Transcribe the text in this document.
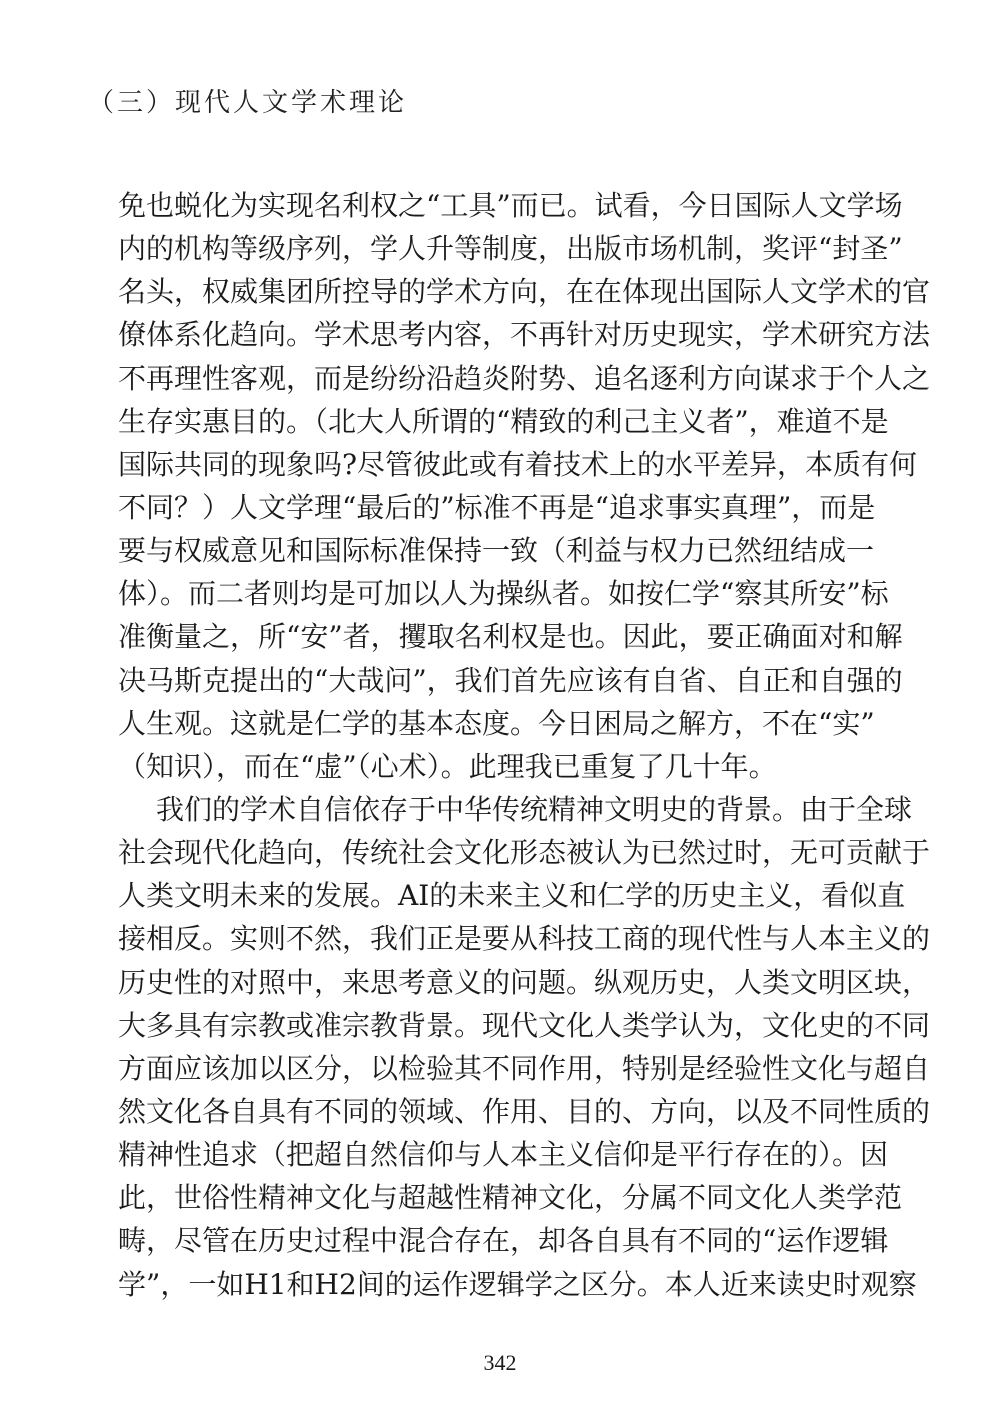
（三）现代人文学术理论
免也蜕化为实现名利权之“工具”而已。试看，今日国际人文学场
内的机构等级序列，学人升等制度，出版市场机制，奖评“封圣”
名头，权威集团所控导的学术方向，在在体现出国际人文学术的官
僚体系化趋向。学术思考内容，不再针对历史现实，学术研究方法
不再理性客观，而是纷纷沿趋炎附势、追名逐利方向谋求于个人之
生存实惠目的。（北大人所谓的“精致的利己主义者”，难道不是
国际共同的现象吗?尽管彼此或有着技术上的水平差异，本质有何
不同？）人文学理“最后的”标准不再是“追求事实真理”，而是
要与权威意见和国际标准保持一致（利益与权力已然纽结成一
体）。而二者则均是可加以人为操纵者。如按仁学“察其所安”标
准衡量之，所“安”者，攫取名利权是也。因此，要正确面对和解
决马斯克提出的“大哉问”，我们首先应该有自省、自正和自强的
人生观。这就是仁学的基本态度。今日困局之解方，不在“实”
（知识），而在“虚”（心术）。此理我已重复了几十年。
我们的学术自信依存于中华传统精神文明史的背景。由于全球
社会现代化趋向，传统社会文化形态被认为已然过时，无可贡献于
人类文明未来的发展。AI的未来主义和仁学的历史主义，看似直
接相反。实则不然，我们正是要从科技工商的现代性与人本主义的
历史性的对照中，来思考意义的问题。纵观历史，人类文明区块，
大多具有宗教或准宗教背景。现代文化人类学认为，文化史的不同
方面应该加以区分，以检验其不同作用，特别是经验性文化与超自
然文化各自具有不同的领域、作用、目的、方向，以及不同性质的
精神性追求（把超自然信仰与人本主义信仰是平行存在的）。因
此，世俗性精神文化与超越性精神文化，分属不同文化人类学范
畴，尽管在历史过程中混合存在，却各自具有不同的“运作逻辑
学”，一如H1和H2间的运作逻辑学之区分。本人近来读史时观察
342
